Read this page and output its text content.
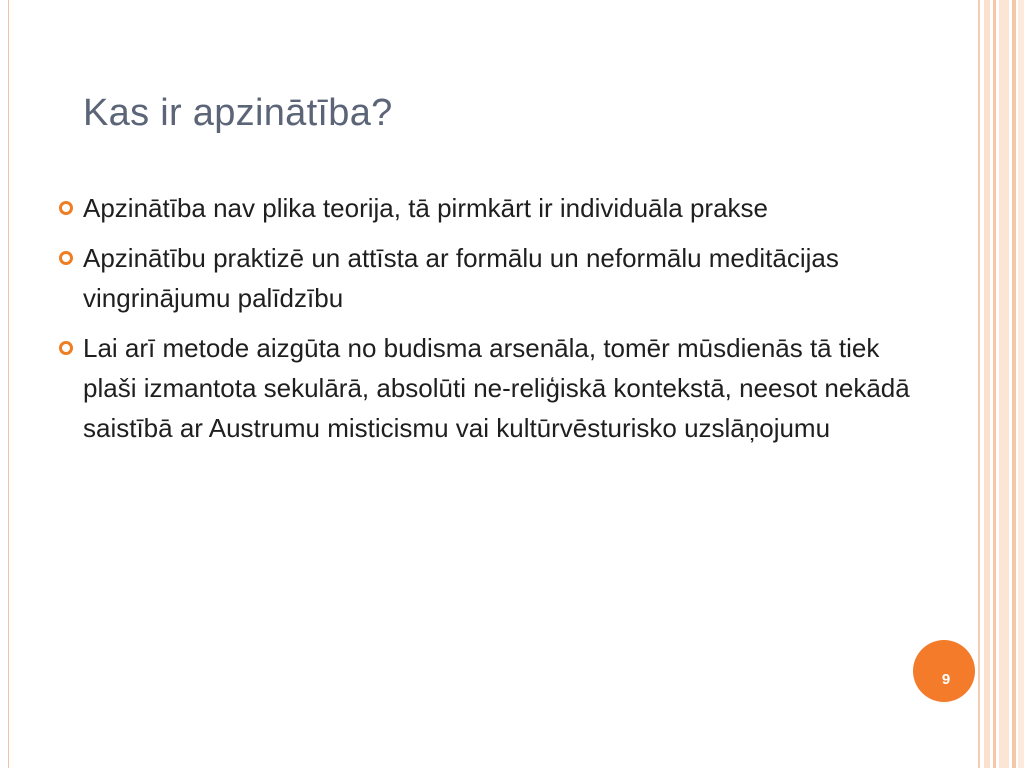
Kas ir apzinātība?
Apzinātība nav plika teorija, tā pirmkārt ir individuāla prakse
Apzinātību praktizē un attīsta ar formālu un neformālu meditācijas vingrinājumu palīdzību
Lai arī metode aizgūta no budisma arsenāla, tomēr mūsdienās tā tiek plaši izmantota sekulārā, absolūti ne-reliģiskā kontekstā, neesot nekādā saistībā ar Austrumu misticismu vai kultūrvēsturisko uzslāņojumu
9
